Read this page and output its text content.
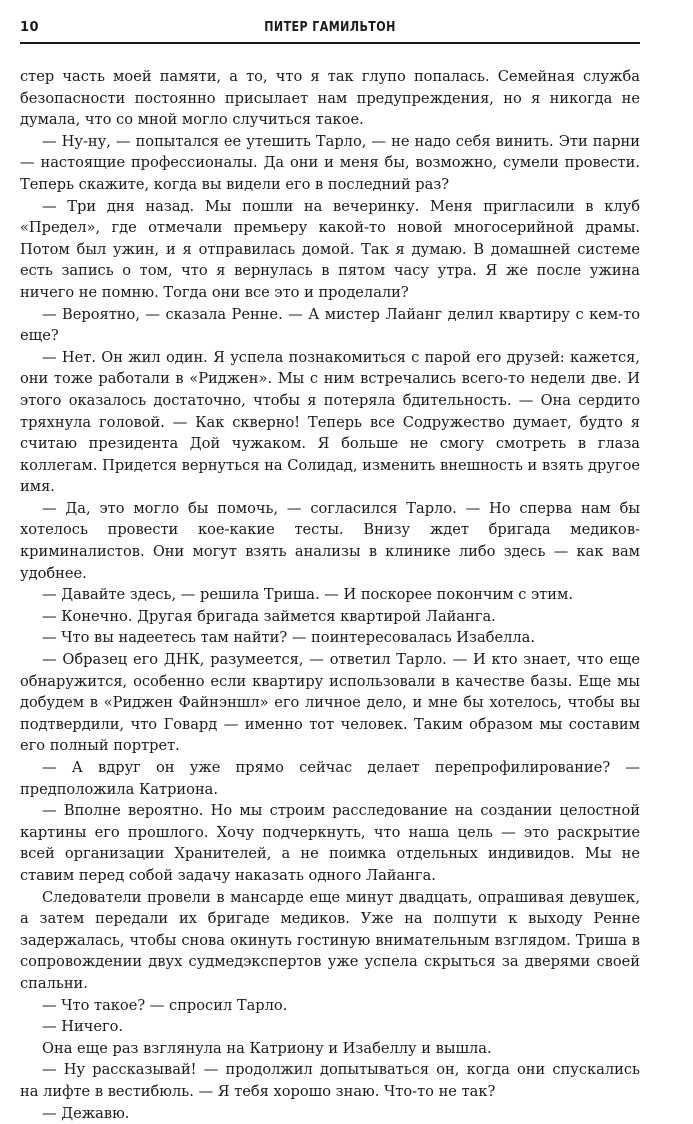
10	ПИТЕР ГАМИЛЬТОН

стер часть моей памяти, а то, что я так глупо попалась. Семейная служба безопасности постоянно присылает нам предупреждения, но я никогда не думала, что со мной могло случиться такое.

— Ну-ну, — попытался ее утешить Тарло, — не надо себя винить. Эти парни — настоящие профессионалы. Да они и меня бы, возможно, сумели провести. Теперь скажите, когда вы видели его в последний раз?

— Три дня назад. Мы пошли на вечеринку. Меня пригласили в клуб «Предел», где отмечали премьеру какой-то новой многосерийной драмы. Потом был ужин, и я отправилась домой. Так я думаю. В домашней системе есть запись о том, что я вернулась в пятом часу утра. Я же после ужина ничего не помню. Тогда они все это и проделали?

— Вероятно, — сказала Ренне. — А мистер Лайанг делил квартиру с кем-то еще?

— Нет. Он жил один. Я успела познакомиться с парой его друзей: кажется, они тоже работали в «Риджен». Мы с ним встречались всего-то недели две. И этого оказалось достаточно, чтобы я потеряла бдительность. — Она сердито тряхнула головой. — Как скверно! Теперь все Содружество думает, будто я считаю президента Дой чужаком. Я больше не смогу смотреть в глаза коллегам. Придется вернуться на Солидад, изменить внешность и взять другое имя.

— Да, это могло бы помочь, — согласился Тарло. — Но сперва нам бы хотелось провести кое-какие тесты. Внизу ждет бригада медиков-криминалистов. Они могут взять анализы в клинике либо здесь — как вам удобнее.

— Давайте здесь, — решила Триша. — И поскорее покончим с этим.

— Конечно. Другая бригада займется квартирой Лайанга.

— Что вы надеетесь там найти? — поинтересовалась Изабелла.

— Образец его ДНК, разумеется, — ответил Тарло. — И кто знает, что еще обнаружится, особенно если квартиру использовали в качестве базы. Еще мы добудем в «Риджен Файнэншл» его личное дело, и мне бы хотелось, чтобы вы подтвердили, что Говард — именно тот человек. Таким образом мы составим его полный портрет.

— А вдруг он уже прямо сейчас делает перепрофилирование? — предположила Катриона.

— Вполне вероятно. Но мы строим расследование на создании целостной картины его прошлого. Хочу подчеркнуть, что наша цель — это раскрытие всей организации Хранителей, а не поимка отдельных индивидов. Мы не ставим перед собой задачу наказать одного Лайанга.

Следователи провели в мансарде еще минут двадцать, опрашивая девушек, а затем передали их бригаде медиков. Уже на полпути к выходу Ренне задержалась, чтобы снова окинуть гостиную внимательным взглядом. Триша в сопровождении двух судмедэкспертов уже успела скрыться за дверями своей спальни.

— Что такое? — спросил Тарло.

— Ничего.

Она еще раз взглянула на Катриону и Изабеллу и вышла.

— Ну рассказывай! — продолжил допытываться он, когда они спускались на лифте в вестибюль. — Я тебя хорошо знаю. Что-то не так?

— Дежавю.
